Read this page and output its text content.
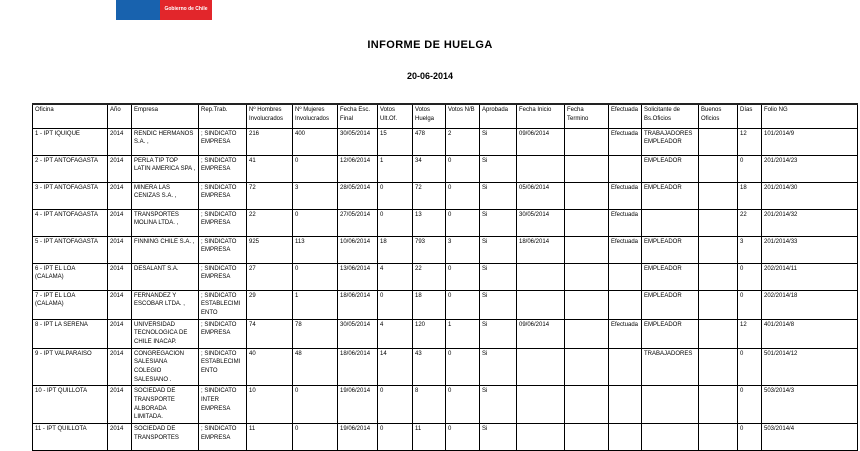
Gobierno de Chile
INFORME DE HUELGA
20-06-2014
Oficina	Año	Empresa	Rep.Trab.	Nº Hombres Involucrados	Nº Mujeres Involucrados	Fecha Esc. Final	Votos Ult.Of.	Votos Huelga	Votos N/B	Aprobada	Fecha Inicio	Fecha Termino	Efectuada	Solicitante de Bs.Oficios	Buenos Oficios	Días	Folio NG
1 - IPT IQUIQUE	2014	RENDIC HERMANOS S.A. ,	; SINDICATO EMPRESA	216	400	30/05/2014	15	478	2	Si	09/06/2014		Efectuada	TRABAJADORES EMPLEADOR		12	101/2014/9
2 - IPT ANTOFAGASTA	2014	PERLA TIP TOP LATIN AMERICA SPA ,	; SINDICATO EMPRESA	41	0	12/06/2014	1	34	0	Si				EMPLEADOR		0	201/2014/23
3 - IPT ANTOFAGASTA	2014	MINERA LAS CENIZAS S.A. ,	; SINDICATO EMPRESA	72	3	28/05/2014	0	72	0	Si	05/06/2014		Efectuada	EMPLEADOR		18	201/2014/30
4 - IPT ANTOFAGASTA	2014	TRANSPORTES MOLINA LTDA. ,	; SINDICATO EMPRESA	22	0	27/05/2014	0	13	0	Si	30/05/2014		Efectuada			22	201/2014/32
5 - IPT ANTOFAGASTA	2014	FINNING CHILE S.A. ,	; SINDICATO EMPRESA	925	113	10/06/2014	18	793	3	Si	18/06/2014		Efectuada	EMPLEADOR		3	201/2014/33
6 - IPT EL LOA (CALAMA)	2014	DESALANT S.A.	; SINDICATO EMPRESA	27	0	13/06/2014	4	22	0	Si				EMPLEADOR		0	202/2014/11
7 - IPT EL LOA (CALAMA)	2014	FERNANDEZ Y ESCOBAR LTDA. ,	; SINDICATO ESTABLECIMIENTO	29	1	18/06/2014	0	18	0	Si				EMPLEADOR		0	202/2014/18
8 - IPT LA SERENA	2014	UNIVERSIDAD TECNOLOGICA DE CHILE INACAP.	; SINDICATO EMPRESA	74	78	30/05/2014	4	120	1	Si	09/06/2014		Efectuada	EMPLEADOR		12	401/2014/8
9 - IPT VALPARAISO	2014	CONGREGACION SALESIANA COLEGIO SALESIANO .	; SINDICATO ESTABLECIMIENTO	40	48	18/06/2014	14	43	0	Si				TRABAJADORES		0	501/2014/12
10 - IPT QUILLOTA	2014	SOCIEDAD DE TRANSPORTE ALBORADA LIMITADA.	; SINDICATO INTER EMPRESA	10	0	19/06/2014	0	8	0	Si						0	503/2014/3
11 - IPT QUILLOTA	2014	SOCIEDAD DE TRANSPORTES	; SINDICATO EMPRESA	11	0	19/06/2014	0	11	0	Si						0	503/2014/4
